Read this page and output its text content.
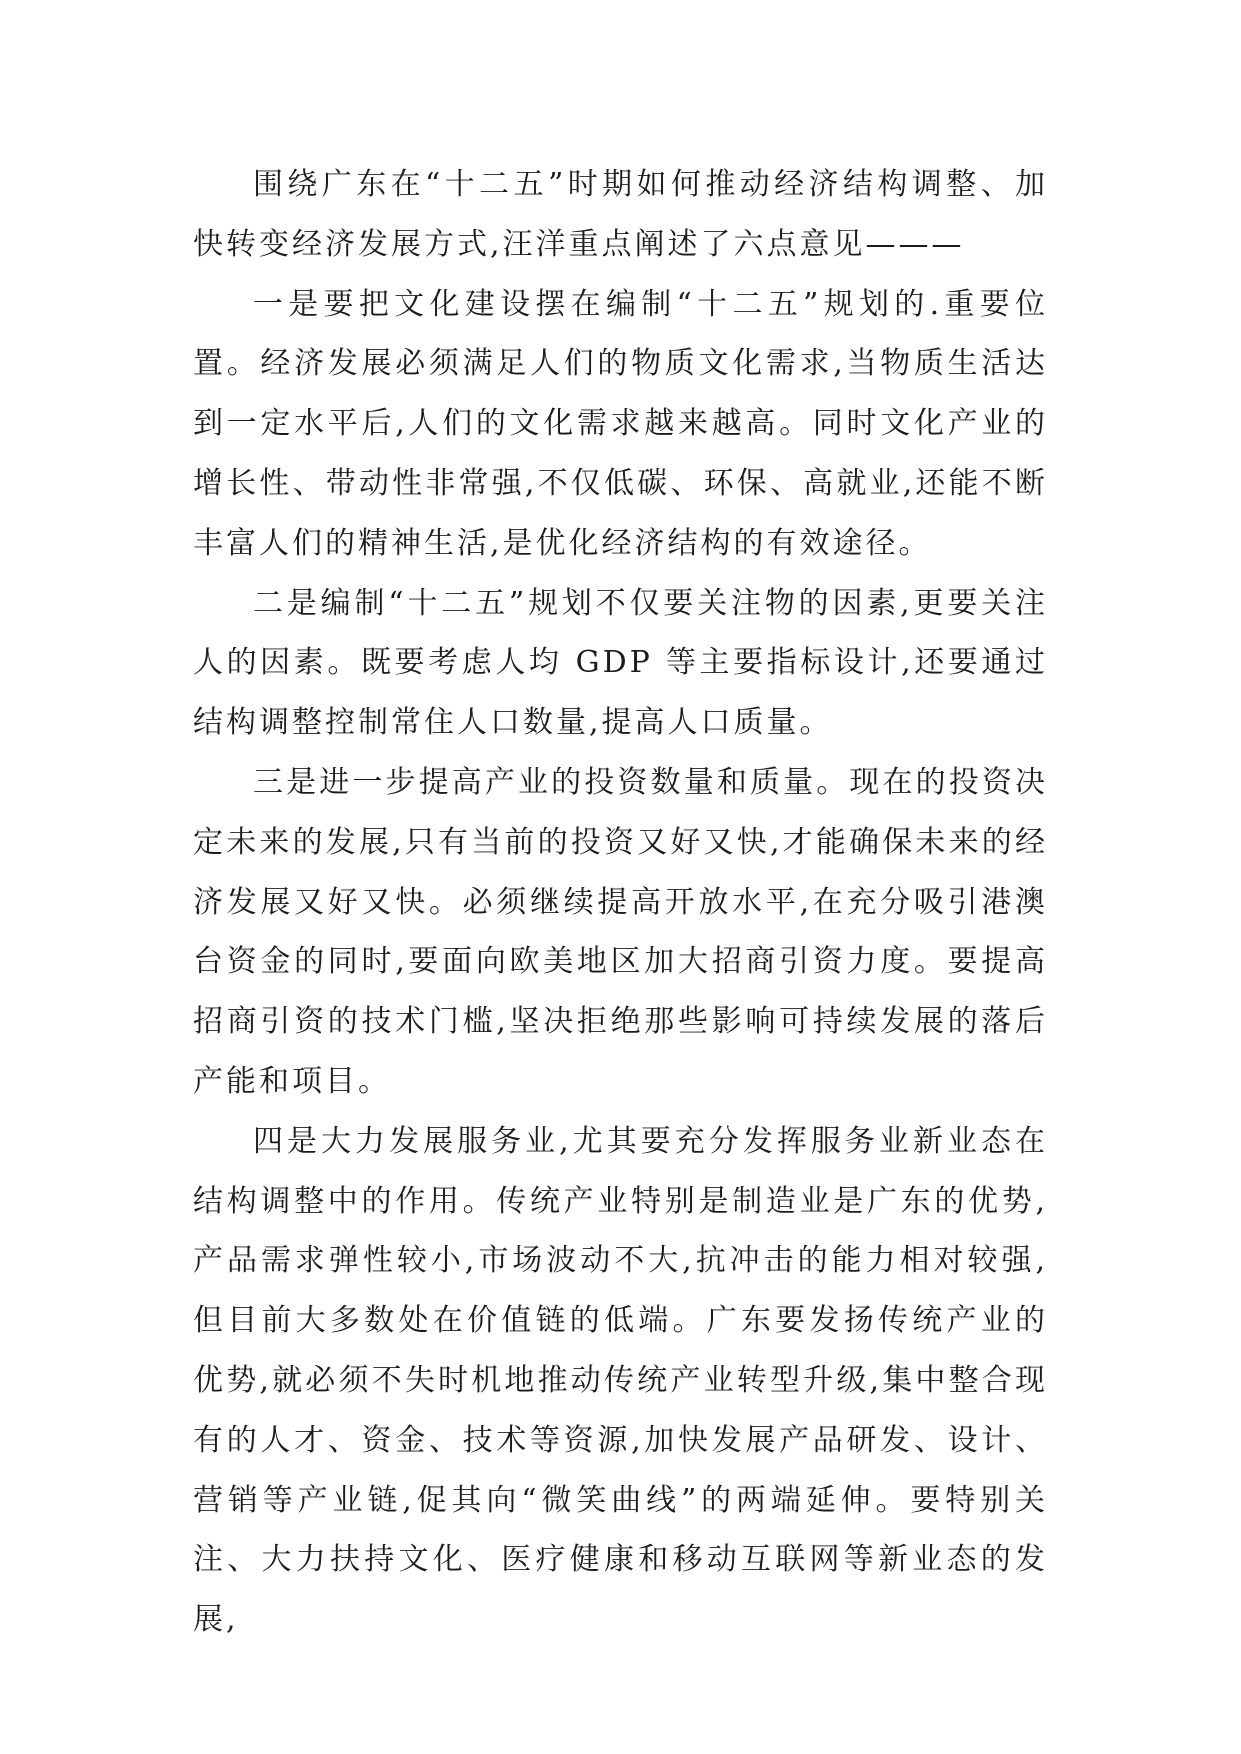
围绕广东在“十二五”时期如何推动经济结构调整、加快转变经济发展方式,汪洋重点阐述了六点意见———

一是要把文化建设摆在编制“十二五”规划的.重要位置。经济发展必须满足人们的物质文化需求,当物质生活达到一定水平后,人们的文化需求越来越高。同时文化产业的增长性、带动性非常强,不仅低碳、环保、高就业,还能不断丰富人们的精神生活,是优化经济结构的有效途径。

二是编制“十二五”规划不仅要关注物的因素,更要关注人的因素。既要考虑人均 GDP 等主要指标设计,还要通过结构调整控制常住人口数量,提高人口质量。

三是进一步提高产业的投资数量和质量。现在的投资决定未来的发展,只有当前的投资又好又快,才能确保未来的经济发展又好又快。必须继续提高开放水平,在充分吸引港澳台资金的同时,要面向欧美地区加大招商引资力度。要提高招商引资的技术门槛,坚决拒绝那些影响可持续发展的落后产能和项目。

四是大力发展服务业,尤其要充分发挥服务业新业态在结构调整中的作用。传统产业特别是制造业是广东的优势,产品需求弹性较小,市场波动不大,抗冲击的能力相对较强,但目前大多数处在价值链的低端。广东要发扬传统产业的优势,就必须不失时机地推动传统产业转型升级,集中整合现有的人才、资金、技术等资源,加快发展产品研发、设计、营销等产业链,促其向“微笑曲线”的两端延伸。要特别关注、大力扶持文化、医疗健康和移动互联网等新业态的发展,
